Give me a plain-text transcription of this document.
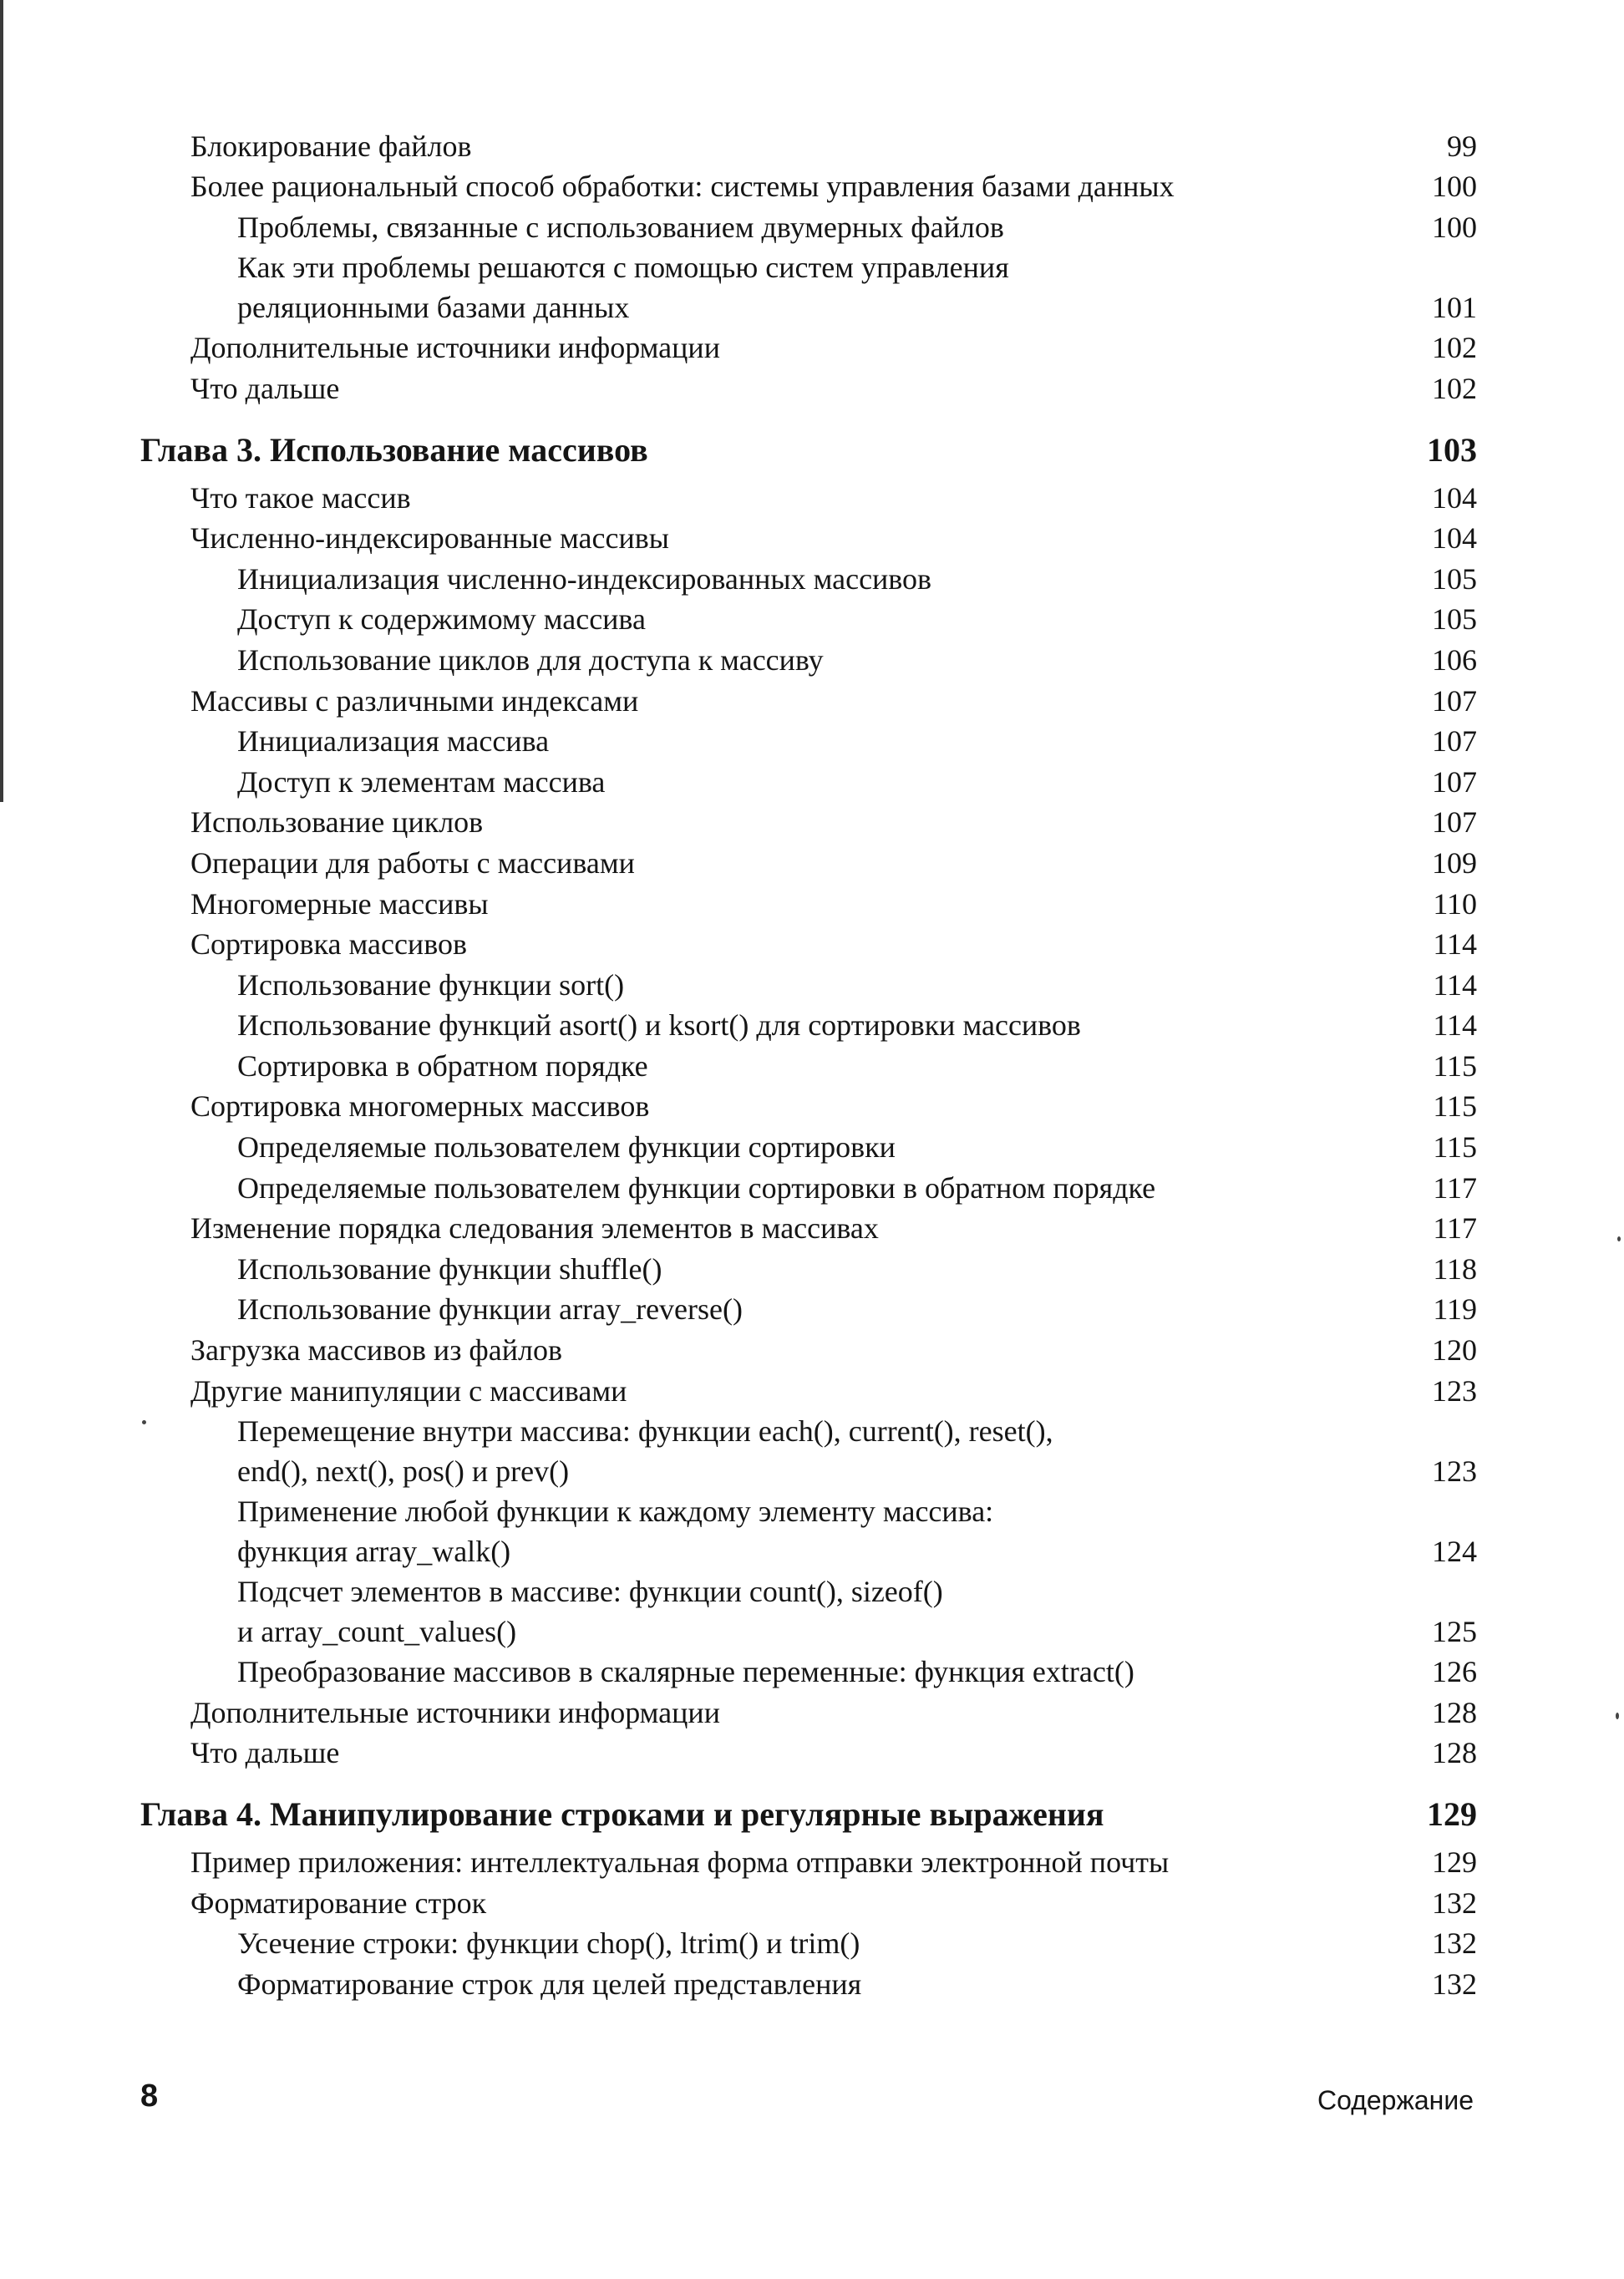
Блокирование файлов	99
Более рациональный способ обработки: системы управления базами данных	100
Проблемы, связанные с использованием двумерных файлов	100
Как эти проблемы решаются с помощью систем управления
реляционными базами данных	101
Дополнительные источники информации	102
Что дальше	102
Глава 3. Использование массивов	103
Что такое массив	104
Численно-индексированные массивы	104
Инициализация численно-индексированных массивов	105
Доступ к содержимому массива	105
Использование циклов для доступа к массиву	106
Массивы с различными индексами	107
Инициализация массива	107
Доступ к элементам массива	107
Использование циклов	107
Операции для работы с массивами	109
Многомерные массивы	110
Сортировка массивов	114
Использование функции sort()	114
Использование функций asort() и ksort() для сортировки массивов	114
Сортировка в обратном порядке	115
Сортировка многомерных массивов	115
Определяемые пользователем функции сортировки	115
Определяемые пользователем функции сортировки в обратном порядке	117
Изменение порядка следования элементов в массивах	117
Использование функции shuffle()	118
Использование функции array_reverse()	119
Загрузка массивов из файлов	120
Другие манипуляции с массивами	123
Перемещение внутри массива: функции each(), current(), reset(),
end(), next(), pos() и prev()	123
Применение любой функции к каждому элементу массива:
функция array_walk()	124
Подсчет элементов в массиве: функции count(), sizeof()
и array_count_values()	125
Преобразование массивов в скалярные переменные: функция extract()	126
Дополнительные источники информации	128
Что дальше	128
Глава 4. Манипулирование строками и регулярные выражения	129
Пример приложения: интеллектуальная форма отправки электронной почты	129
Форматирование строк	132
Усечение строки: функции chop(), ltrim() и trim()	132
Форматирование строк для целей представления	132
8	Содержание
